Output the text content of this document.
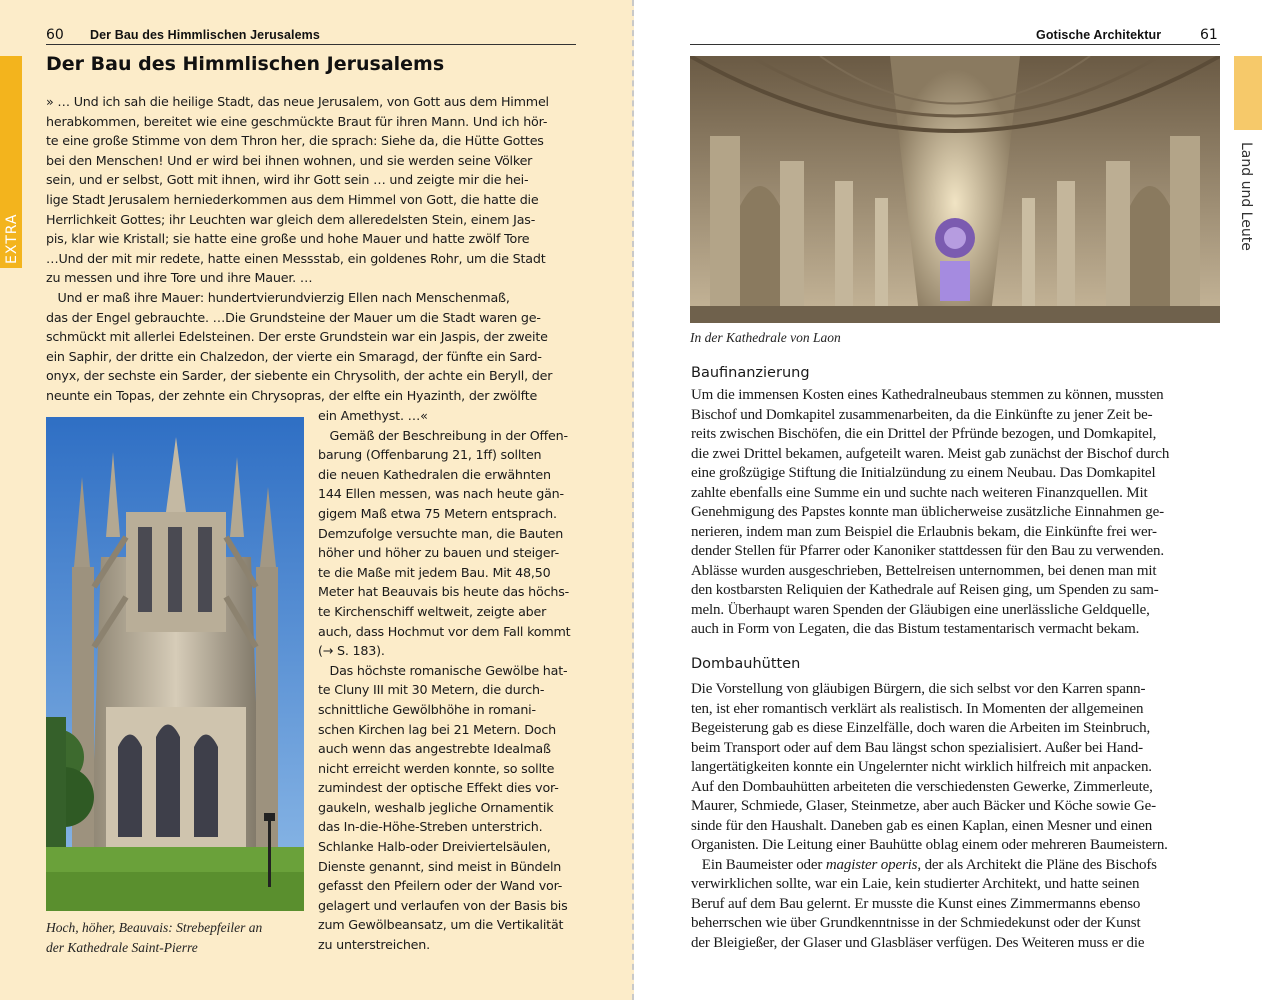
60 Der Bau des Himmlischen Jerusalems
EXTRA
Der Bau des Himmlischen Jerusalems
» … Und ich sah die heilige Stadt, das neue Jerusalem, von Gott aus dem Himmel
herabkommen, bereitet wie eine geschmückte Braut für ihren Mann. Und ich hör-
te eine große Stimme von dem Thron her, die sprach: Siehe da, die Hütte Gottes
bei den Menschen! Und er wird bei ihnen wohnen, und sie werden seine Völker
sein, und er selbst, Gott mit ihnen, wird ihr Gott sein … und zeigte mir die hei-
lige Stadt Jerusalem herniederkommen aus dem Himmel von Gott, die hatte die
Herrlichkeit Gottes; ihr Leuchten war gleich dem alleredelsten Stein, einem Jas-
pis, klar wie Kristall; sie hatte eine große und hohe Mauer und hatte zwölf Tore
…Und der mit mir redete, hatte einen Messstab, ein goldenes Rohr, um die Stadt
zu messen und ihre Tore und ihre Mauer. …
Und er maß ihre Mauer: hundertvierundvierzig Ellen nach Menschenmaß,
das der Engel gebrauchte. …Die Grundsteine der Mauer um die Stadt waren ge-
schmückt mit allerlei Edelsteinen. Der erste Grundstein war ein Jaspis, der zweite
ein Saphir, der dritte ein Chalzedon, der vierte ein Smaragd, der fünfte ein Sard-
onyx, der sechste ein Sarder, der siebente ein Chrysolith, der achte ein Beryll, der
neunte ein Topas, der zehnte ein Chrysopras, der elfte ein Hyazinth, der zwölfte
ein Amethyst. …«
Gemäß der Beschreibung in der Offen-
barung (Offenbarung 21, 1ff) sollten
die neuen Kathedralen die erwähnten
144 Ellen messen, was nach heute gän-
gigem Maß etwa 75 Metern entsprach.
Demzufolge versuchte man, die Bauten
höher und höher zu bauen und steiger-
te die Maße mit jedem Bau. Mit 48,50
Meter hat Beauvais bis heute das höchs-
te Kirchenschiff weltweit, zeigte aber
auch, dass Hochmut vor dem Fall kommt
(→ S. 183).
Das höchste romanische Gewölbe hat-
te Cluny III mit 30 Metern, die durch-
schnittliche Gewölbhöhe in romani-
schen Kirchen lag bei 21 Metern. Doch
auch wenn das angestrebte Idealmaß
nicht erreicht werden konnte, so sollte
zumindest der optische Effekt dies vor-
gaukeln, weshalb jegliche Ornamentik
das In-die-Höhe-Streben unterstrich.
Schlanke Halb-oder Dreiviertelsäulen,
Dienste genannt, sind meist in Bündeln
gefasst den Pfeilern oder der Wand vor-
gelagert und verlaufen von der Basis bis
zum Gewölbeansatz, um die Vertikalität
zu unterstreichen.
Hoch, höher, Beauvais: Strebepfeiler an
der Kathedrale Saint-Pierre
Gotische Architektur	61
Land und Leute
In der Kathedrale von Laon
Baufinanzierung
Um die immensen Kosten eines Kathedralneubaus stemmen zu können, mussten
Bischof und Domkapitel zusammenarbeiten, da die Einkünfte zu jener Zeit be-
reits zwischen Bischöfen, die ein Drittel der Pfründe bezogen, und Domkapitel,
die zwei Drittel bekamen, aufgeteilt waren. Meist gab zunächst der Bischof durch
eine großzügige Stiftung die Initialzündung zu einem Neubau. Das Domkapitel
zahlte ebenfalls eine Summe ein und suchte nach weiteren Finanzquellen. Mit
Genehmigung des Papstes konnte man üblicherweise zusätzliche Einnahmen ge-
nerieren, indem man zum Beispiel die Erlaubnis bekam, die Einkünfte frei wer-
dender Stellen für Pfarrer oder Kanoniker stattdessen für den Bau zu verwenden.
Ablässe wurden ausgeschrieben, Bettelreisen unternommen, bei denen man mit
den kostbarsten Reliquien der Kathedrale auf Reisen ging, um Spenden zu sam-
meln. Überhaupt waren Spenden der Gläubigen eine unerlässliche Geldquelle,
auch in Form von Legaten, die das Bistum testamentarisch vermacht bekam.
Dombauhütten
Die Vorstellung von gläubigen Bürgern, die sich selbst vor den Karren spann-
ten, ist eher romantisch verklärt als realistisch. In Momenten der allgemeinen
Begeisterung gab es diese Einzelfälle, doch waren die Arbeiten im Steinbruch,
beim Transport oder auf dem Bau längst schon spezialisiert. Außer bei Hand-
langertätigkeiten konnte ein Ungelernter nicht wirklich hilfreich mit anpacken.
Auf den Dombauhütten arbeiteten die verschiedensten Gewerke, Zimmerleute,
Maurer, Schmiede, Glaser, Steinmetze, aber auch Bäcker und Köche sowie Ge-
sinde für den Haushalt. Daneben gab es einen Kaplan, einen Mesner und einen
Organisten. Die Leitung einer Bauhütte oblag einem oder mehreren Baumeistern.
Ein Baumeister oder magister operis, der als Architekt die Pläne des Bischofs
verwirklichen sollte, war ein Laie, kein studierter Architekt, und hatte seinen
Beruf auf dem Bau gelernt. Er musste die Kunst eines Zimmermanns ebenso
beherrschen wie über Grundkenntnisse in der Schmiedekunst oder der Kunst
der Bleigießer, der Glaser und Glasbläser verfügen. Des Weiteren muss er die
